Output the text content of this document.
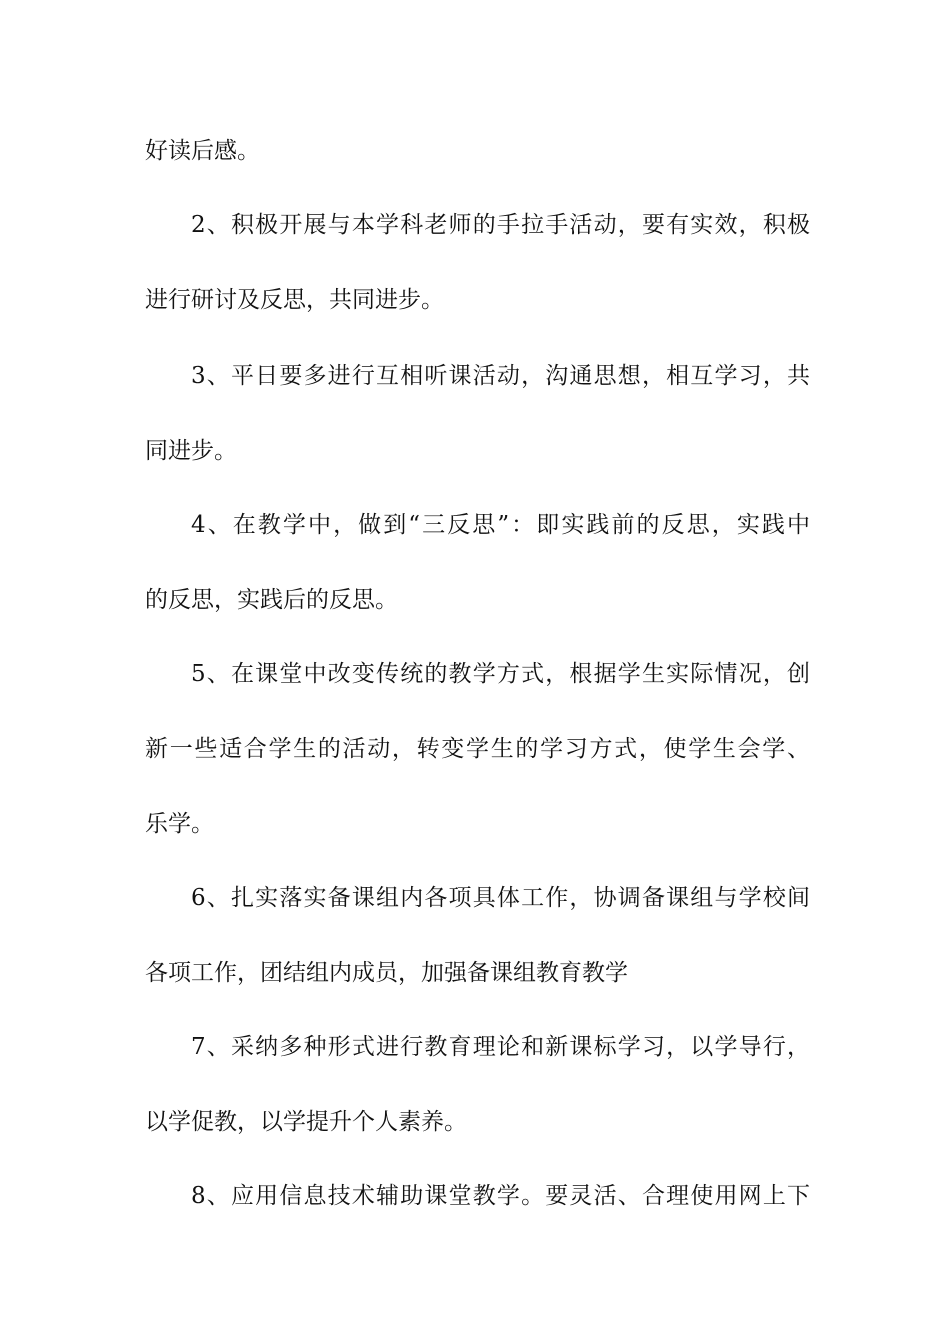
好读后感。
2、积极开展与本学科老师的手拉手活动，要有实效，积极
进行研讨及反思，共同进步。
3、平日要多进行互相听课活动，沟通思想，相互学习，共
同进步。
4、在教学中，做到“三反思”：即实践前的反思，实践中
的反思，实践后的反思。
5、在课堂中改变传统的教学方式，根据学生实际情况，创
新一些适合学生的活动，转变学生的学习方式，使学生会学、
乐学。
6、扎实落实备课组内各项具体工作，协调备课组与学校间
各项工作，团结组内成员，加强备课组教育教学
7、采纳多种形式进行教育理论和新课标学习，以学导行，
以学促教，以学提升个人素养。
8、应用信息技术辅助课堂教学。要灵活、合理使用网上下
